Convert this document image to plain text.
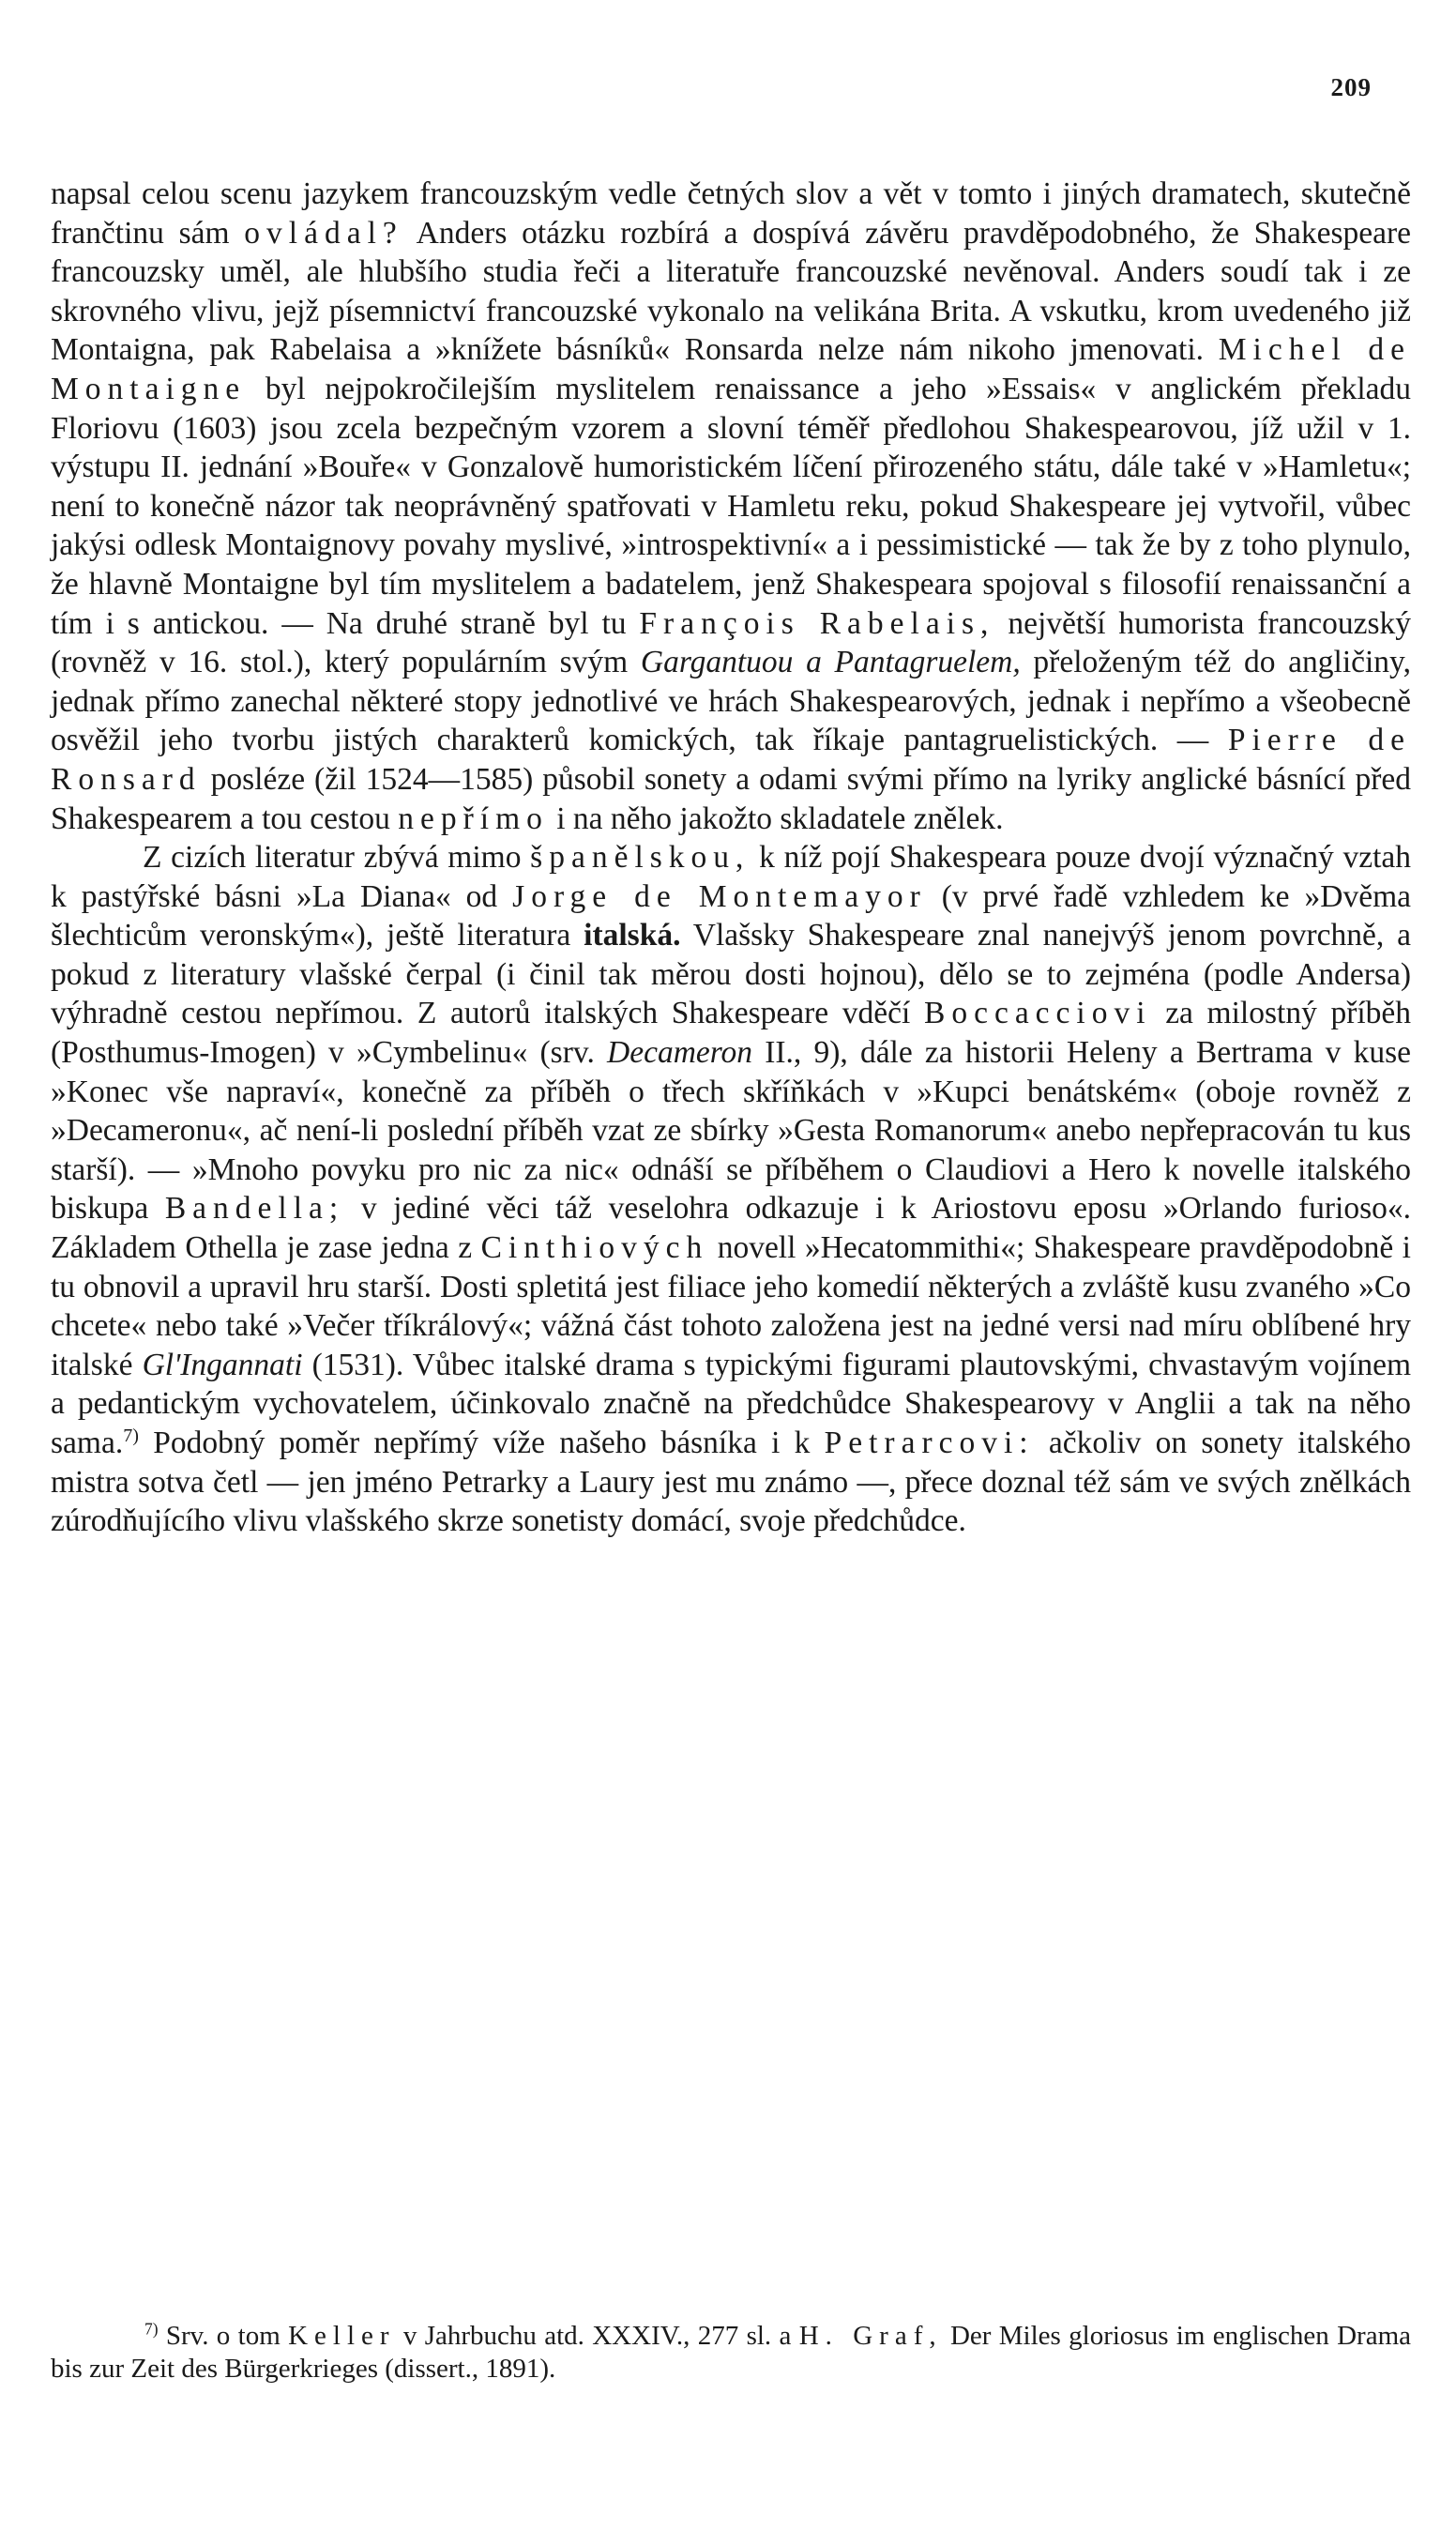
209

napsal celou scenu jazykem francouzským vedle četných slov a vět v tomto i jiných dramatech, skutečně frančtinu sám ovládal? Anders otázku rozbírá a dospívá závěru pravděpodobného, že Shakespeare francouzsky uměl, ale hlubšího studia řeči a literatuře francouzské nevěnoval. Anders soudí tak i ze skrovného vlivu, jejž písemnictví francouzské vykonalo na velikána Brita. A vskutku, krom uvedeného již Montaigna, pak Rabelaisa a »knížete básníků« Ronsarda nelze nám nikoho jmenovati. Michel de Montaigne byl nejpokročilejším myslitelem renaissance a jeho »Essais« v anglickém překladu Floriovu (1603) jsou zcela bezpečným vzorem a slovní téměř předlohou Shakespearovou, jíž užil v 1. výstupu II. jednání »Bouře« v Gonzalově humoristickém líčení přirozeného státu, dále také v »Hamletu«; není to konečně názor tak neoprávněný spatřovati v Hamletu reku, pokud Shakespeare jej vytvořil, vůbec jakýsi odlesk Montaignovy povahy myslivé, »introspektivní« a i pessimistické — tak že by z toho plynulo, že hlavně Montaigne byl tím myslitelem a badatelem, jenž Shakespeara spojoval s filosofií renaissanční a tím i s antickou. — Na druhé straně byl tu François Rabelais, největší humorista francouzský (rovněž v 16. stol.), který populárním svým Gargantuou a Pantagruelem, přeloženým též do angličiny, jednak přímo zanechal některé stopy jednotlivé ve hrách Shakespearových, jednak i nepřímo a všeobecně osvěžil jeho tvorbu jistých charakterů komických, tak říkaje pantagruelistických. — Pierre de Ronsard posléze (žil 1524—1585) působil sonety a odami svými přímo na lyriky anglické básnící před Shakespearem a tou cestou nepřímo i na něho jakožto skladatele znělek.

Z cizích literatur zbývá mimo španělskou, k níž pojí Shakespeara pouze dvojí význačný vztah k pastýřské básni »La Diana« od Jorge de Montemayor (v prvé řadě vzhledem ke »Dvěma šlechticům veronským«), ještě literatura italská. Vlašsky Shakespeare znal nanejvýš jenom povrchně, a pokud z literatury vlašské čerpal (i činil tak měrou dosti hojnou), dělo se to zejména (podle Andersa) výhradně cestou nepřímou. Z autorů italských Shakespeare vděčí Boccacciovi za milostný příběh (Posthumus-Imogen) v »Cymbelinu« (srv. Decameron II., 9), dále za historii Heleny a Bertrama v kuse »Konec vše napraví«, konečně za příběh o třech skříňkách v »Kupci benátském« (oboje rovněž z »Decameronu«, ač není-li poslední příběh vzat ze sbírky »Gesta Romanorum« anebo nepřepracován tu kus starší). — »Mnoho povyku pro nic za nic« odnáší se příběhem o Claudiovi a Hero k novelle italského biskupa Bandella; v jediné věci táž veselohra odkazuje i k Ariostovu eposu »Orlando furioso«. Základem Othella je zase jedna z Cinthiových novell »Hecatommithi«; Shakespeare pravděpodobně i tu obnovil a upravil hru starší. Dosti spletitá jest filiace jeho komedií některých a zvláště kusu zvaného »Co chcete« nebo také »Večer tříkrálový«; vážná část tohoto založena jest na jedné versi nad míru oblíbené hry italské Gl'Ingannati (1531). Vůbec italské drama s typickými figurami plautovskými, chvastavým vojínem a pedantickým vychovatelem, účinkovalo značně na předchůdce Shakespearovy v Anglii a tak na něho sama.$^{7)}$ Podobný poměr nepřímý víže našeho básníka i k Petrarcovi: ačkoliv on sonety italského mistra sotva četl — jen jméno Petrarky a Laury jest mu známo —, přece doznal též sám ve svých znělkách zúrodňujícího vlivu vlašského skrze sonetisty domácí, svoje předchůdce.

$^{7)}$ Srv. o tom Keller v Jahrbuchu atd. XXXIV., 277 sl. a H. Graf, Der Miles gloriosus im englischen Drama bis zur Zeit des Bürgerkrieges (dissert., 1891).
